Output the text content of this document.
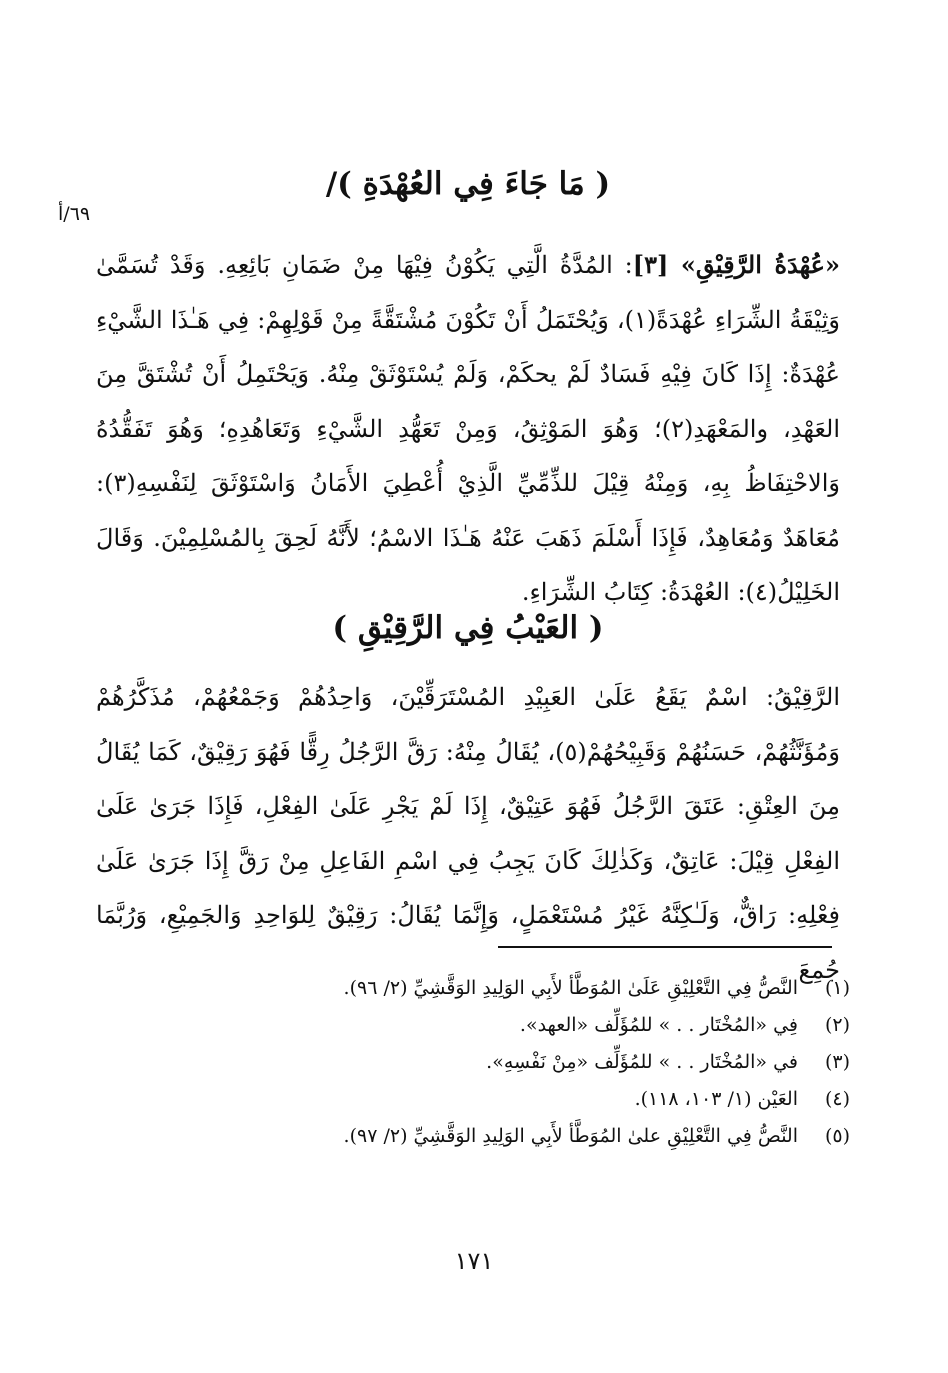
٦٩/أ
( مَا جَاءَ فِي العُهْدَةِ )/
«عُهْدَةُ الرَّقِيْقِ» [٣]: المُدَّةُ الَّتِي يَكُوْنُ فِيْهَا مِنْ ضَمَانِ بَائِعِهِ. وَقَدْ تُسَمَّىٰ وَثِيْقَةُ الشِّرَاءِ عُهْدَةً(١)، وَيُحْتَمَلُ أَنْ تَكُوْنَ مُشْتَقَّةً مِنْ قَوْلِهِمْ: فِي هَـٰذَا الشَّيْءِ عُهْدَةٌ: إِذَا كَانَ فِيْهِ فَسَادٌ لَمْ يحكَمْ، وَلَمْ يُسْتَوْثَقْ مِنْهُ. وَيَحْتَمِلُ أَنْ تُشْتَقَّ مِنَ العَهْدِ، والمَعْهَدِ(٢)؛ وَهُوَ المَوْثِقُ، وَمِنْ تَعَهُّدِ الشَّيْءِ وَتَعَاهُدِهِ؛ وَهُوَ تَفَقُّدُهُ وَالاحْتِفَاظُ بِهِ، وَمِنْهُ قِيْلَ للذِّمِّيِّ الَّذِيْ أُعْطِيَ الأَمَانُ وَاسْتَوْثَقَ لِنَفْسِهِ(٣): مُعَاهَدٌ وَمُعَاهِدٌ، فَإِذَا أَسْلَمَ ذَهَبَ عَنْهُ هَـٰذَا الاسْمُ؛ لأَنَّهُ لَحِقَ بِالمُسْلِمِيْنَ. وَقَالَ الخَلِيْلُ(٤): العُهْدَةُ: كِتَابُ الشِّرَاءِ.
( العَيْبُ فِي الرَّقِيْقِ )
الرَّقِيْقُ: اسْمٌ يَقَعُ عَلَىٰ العَبِيْدِ المُسْتَرَقِّيْنَ، وَاحِدُهُمْ وَجَمْعُهُمْ، مُذَكَّرُهُمْ وَمُؤَنَّثُهُمْ، حَسَنُهُمْ وَقَبِيْحُهُمْ(٥)، يُقَالُ مِنْهُ: رَقَّ الرَّجُلُ رِقًّا فَهُوَ رَقِيْقٌ، كَمَا يُقَالُ مِنَ العِتْقِ: عَتَقَ الرَّجُلُ فَهُوَ عَتِيْقٌ، إِذَا لَمْ يَجْرِ عَلَىٰ الفِعْلِ، فَإِذَا جَرَىٰ عَلَىٰ الفِعْلِ قِيْلَ: عَاتِقٌ، وَكَذٰلِكَ كَانَ يَجِبُ فِي اسْمِ الفَاعِلِ مِنْ رَقَّ إِذَا جَرَىٰ عَلَىٰ فِعْلِهِ: رَاقٌّ، وَلَـٰكِنَّهُ غَيْرُ مُسْتَعْمَلٍ، وَإِنَّمَا يُقَالُ: رَقِيْقٌ لِلوَاحِدِ وَالجَمِيْعِ، وَرُبَّمَا جُمِعَ
(١)
النَّصُّ فِي التَّعْلِيْقِ عَلَىٰ المُوَطَّأ لأَبِي الوَلِيدِ الوَقَّشِيِّ (٢/ ٩٦).
(٢)
فِي «المُخْتَار . . » للمُؤَلِّف «العهد».
(٣)
في «المُخْتَار . . » للمُؤَلِّف «مِنْ نَفْسِهِ».
(٤)
العَيْن (١/ ١٠٣، ١١٨).
(٥)
النَّصُّ فِي التَّعْلِيْقِ علىٰ المُوَطَّأ لأَبِي الوَلِيدِ الوَقَّشِيِّ (٢/ ٩٧).
١٧١
